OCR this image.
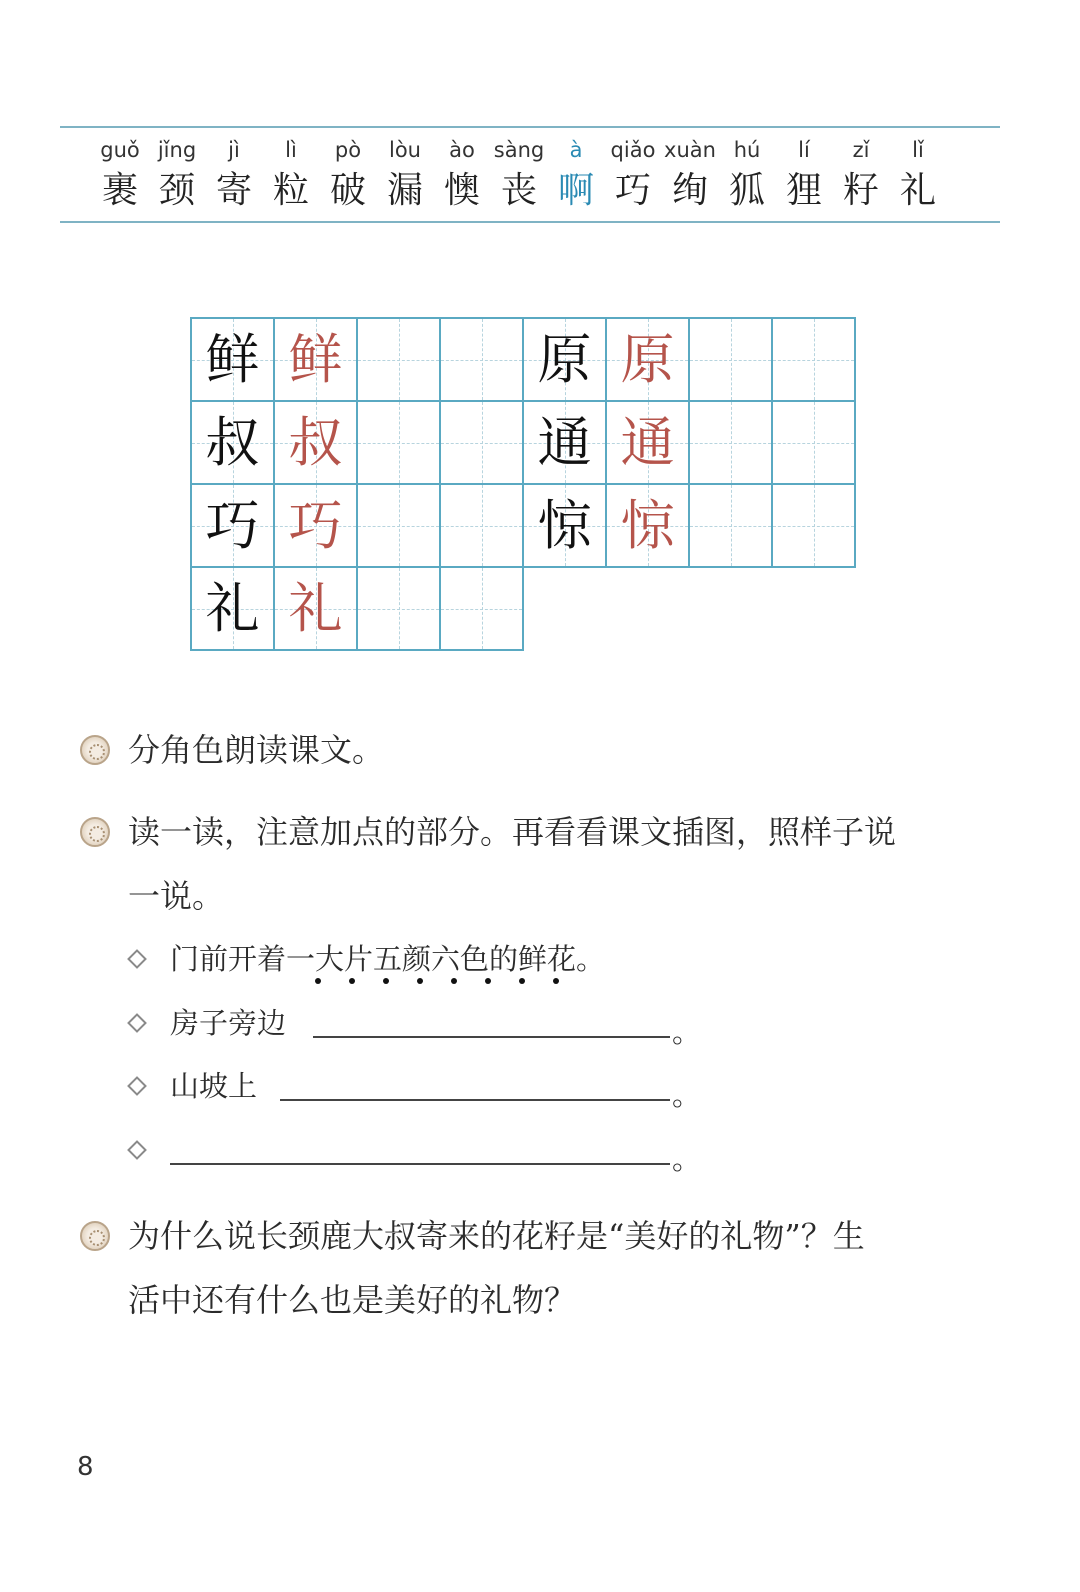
guǒ
裹
jǐng
颈
jì
寄
lì
粒
pò
破
lòu
漏
ào
懊
sàng
丧
à
啊
qiǎo
巧
xuàn
绚
hú
狐
lí
狸
zǐ
籽
lǐ
礼
鲜 鲜
叔 叔
巧 巧
礼 礼
原 原
通 通
惊 惊
分角色朗读课文。
读一读，注意加点的部分。再看看课文插图，照样子说
一说。
门前开着一大片五颜六色的鲜花。
房子旁边	。
山坡上	。
。
为什么说长颈鹿大叔寄来的花籽是“美好的礼物”？生
活中还有什么也是美好的礼物？
8
